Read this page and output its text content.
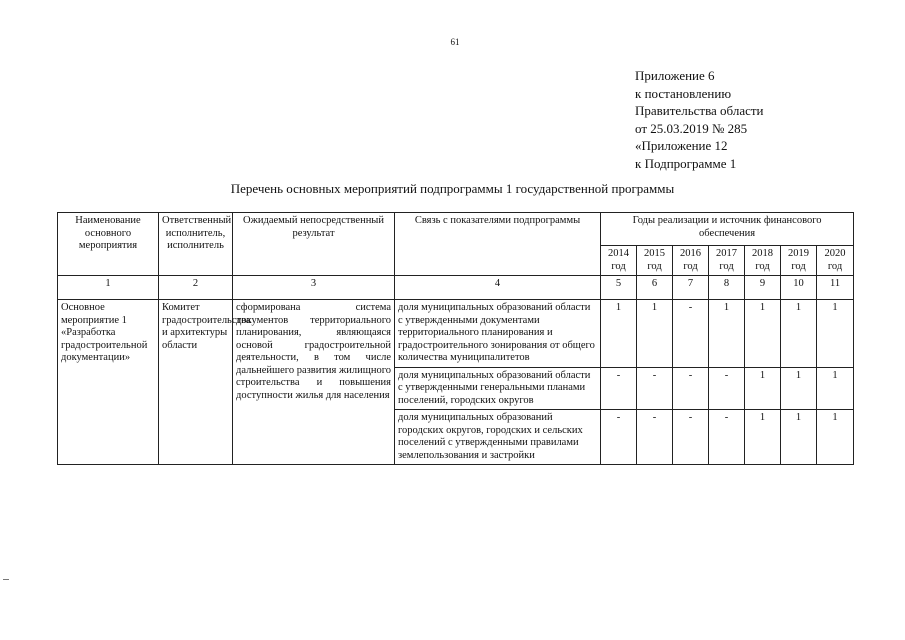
61
Приложение 6
к постановлению
Правительства области
от 25.03.2019 № 285
«Приложение 12
к Подпрограмме 1
Перечень основных мероприятий подпрограммы 1 государственной программы
Наименование основного мероприятия	Ответственный исполнитель, исполнитель	Ожидаемый непосредственный результат	Связь с показателями подпрограммы	Годы реализации и источник финансового обеспечения						
				2014 год	2015 год	2016 год	2017 год	2018 год	2019 год	2020 год
1	2	3	4	5	6	7	8	9	10	11
Основное мероприятие 1 «Разработка градостроительной документации»	Комитет градостроительства и архитектуры области	сформирована система документов территориального планирования, являющаяся основой градостроительной деятельности, в том числе дальнейшего развития жилищного строительства и повышения доступности жилья для населения	доля муниципальных образований области с утвержденными документами территориального планирования и градостроительного зонирования от общего количества муниципалитетов	1	1	-	1	1	1	1
			доля муниципальных образований области с утвержденными генеральными планами поселений, городских округов	-	-	-	-	1	1	1
			доля муниципальных образований городских округов, городских и сельских поселений с утвержденными правилами землепользования и застройки	-	-	-	-	1	1	1
